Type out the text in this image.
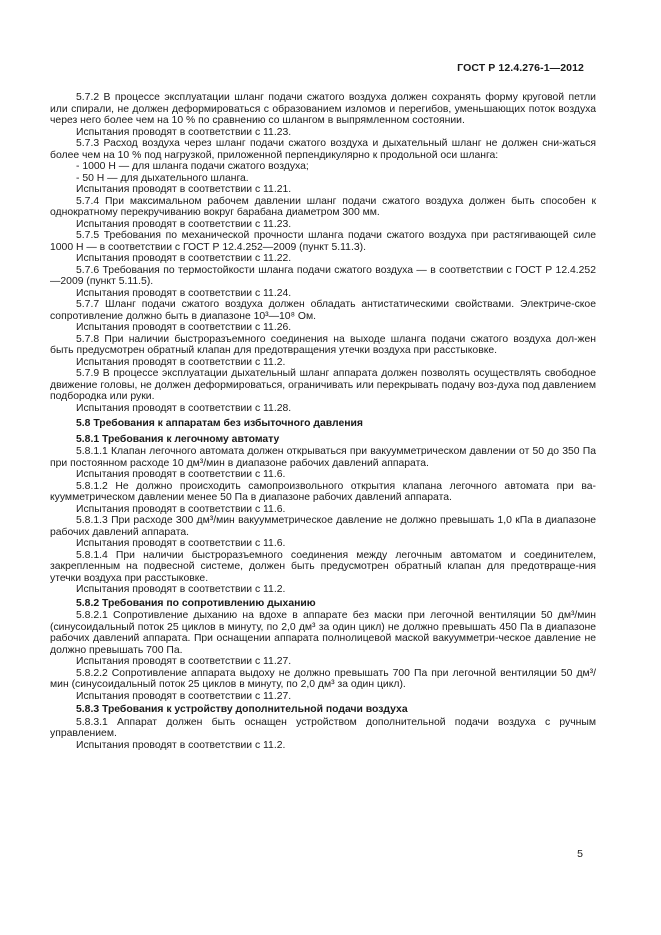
ГОСТ Р 12.4.276-1—2012

5.7.2 В процессе эксплуатации шланг подачи сжатого воздуха должен сохранять форму круговой петли или спирали, не должен деформироваться с образованием изломов и перегибов, уменьшающих поток воздуха через него более чем на 10 % по сравнению со шлангом в выпрямленном состоянии.

Испытания проводят в соответствии с 11.23.

5.7.3 Расход воздуха через шланг подачи сжатого воздуха и дыхательный шланг не должен сни-жаться более чем на 10 % под нагрузкой, приложенной перпендикулярно к продольной оси шланга:

- 1000 Н — для шланга подачи сжатого воздуха;

- 50 Н — для дыхательного шланга.

Испытания проводят в соответствии с 11.21.

5.7.4 При максимальном рабочем давлении шланг подачи сжатого воздуха должен быть способен к однократному перекручиванию вокруг барабана диаметром 300 мм.

Испытания проводят в соответствии с 11.23.

5.7.5 Требования по механической прочности шланга подачи сжатого воздуха при растягивающей силе 1000 Н — в соответствии с ГОСТ Р 12.4.252—2009 (пункт 5.11.3).

Испытания проводят в соответствии с 11.22.

5.7.6 Требования по термостойкости шланга подачи сжатого воздуха — в соответствии с ГОСТ Р 12.4.252—2009 (пункт 5.11.5).

Испытания проводят в соответствии с 11.24.

5.7.7 Шланг подачи сжатого воздуха должен обладать антистатическими свойствами. Электриче-ское сопротивление должно быть в диапазоне 10³—10⁸ Ом.

Испытания проводят в соответствии с 11.26.

5.7.8 При наличии быстроразъемного соединения на выходе шланга подачи сжатого воздуха дол-жен быть предусмотрен обратный клапан для предотвращения утечки воздуха при расстыковке.

Испытания проводят в соответствии с 11.2.

5.7.9 В процессе эксплуатации дыхательный шланг аппарата должен позволять осуществлять свободное движение головы, не должен деформироваться, ограничивать или перекрывать подачу воз-духа под давлением подбородка или руки.

Испытания проводят в соответствии с 11.28.

5.8 Требования к аппаратам без избыточного давления

5.8.1 Требования к легочному автомату

5.8.1.1 Клапан легочного автомата должен открываться при вакуумметрическом давлении от 50 до 350 Па при постоянном расходе 10 дм³/мин в диапазоне рабочих давлений аппарата.

Испытания проводят в соответствии с 11.6.

5.8.1.2 Не должно происходить самопроизвольного открытия клапана легочного автомата при ва-куумметрическом давлении менее 50 Па в диапазоне рабочих давлений аппарата.

Испытания проводят в соответствии с 11.6.

5.8.1.3 При расходе 300 дм³/мин вакуумметрическое давление не должно превышать 1,0 кПа в диапазоне рабочих давлений аппарата.

Испытания проводят в соответствии с 11.6.

5.8.1.4 При наличии быстроразъемного соединения между легочным автоматом и соединителем, закрепленным на подвесной системе, должен быть предусмотрен обратный клапан для предотвраще-ния утечки воздуха при расстыковке.

Испытания проводят в соответствии с 11.2.

5.8.2 Требования по сопротивлению дыханию

5.8.2.1 Сопротивление дыханию на вдохе в аппарате без маски при легочной вентиляции 50 дм³/мин (синусоидальный поток 25 циклов в минуту, по 2,0 дм³ за один цикл) не должно превышать 450 Па в диапазоне рабочих давлений аппарата. При оснащении аппарата полнолицевой маской вакуумметри-ческое давление не должно превышать 700 Па.

Испытания проводят в соответствии с 11.27.

5.8.2.2 Сопротивление аппарата выдоху не должно превышать 700 Па при легочной вентиляции 50 дм³/мин (синусоидальный поток 25 циклов в минуту, по 2,0 дм³ за один цикл).

Испытания проводят в соответствии с 11.27.

5.8.3 Требования к устройству дополнительной подачи воздуха

5.8.3.1 Аппарат должен быть оснащен устройством дополнительной подачи воздуха с ручным управлением.

Испытания проводят в соответствии с 11.2.

5
